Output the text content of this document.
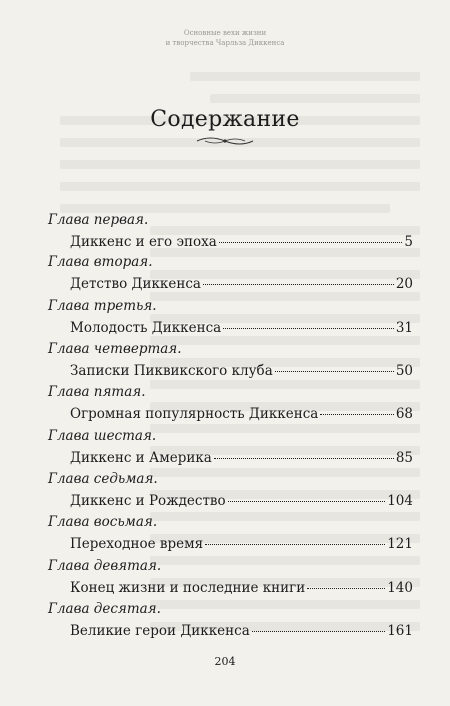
Основные вехи жизни
и творчества Чарльза Диккенса
Содержание
Глава первая.
Диккенс и его эпоха	5
Глава вторая.
Детство Диккенса	20
Глава третья.
Молодость Диккенса	31
Глава четвертая.
Записки Пиквикского клуба	50
Глава пятая.
Огромная популярность Диккенса	68
Глава шестая.
Диккенс и Америка	85
Глава седьмая.
Диккенс и Рождество	104
Глава восьмая.
Переходное время	121
Глава девятая.
Конец жизни и последние книги	140
Глава десятая.
Великие герои Диккенса	161
204
